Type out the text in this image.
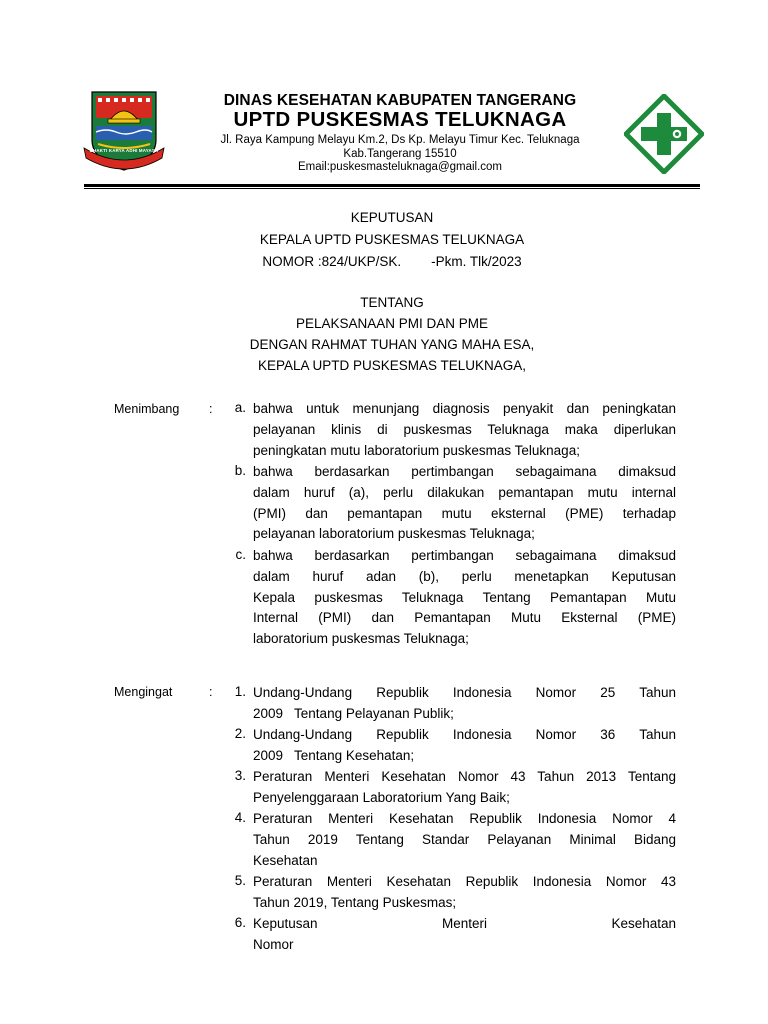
BHAKTI KARYA ADHI MAYASA
DINAS KESEHATAN KABUPATEN TANGERANG
UPTD PUSKESMAS TELUKNAGA
Jl. Raya Kampung Melayu Km.2, Ds Kp. Melayu Timur Kec. Teluknaga
Kab.Tangerang 15510
Email:puskesmasteluknaga@gmail.com
KEPUTUSAN
KEPALA UPTD PUSKESMAS TELUKNAGA
NOMOR :824/UKP/SK.        -Pkm. Tlk/2023
TENTANG
PELAKSANAAN PMI DAN PME
DENGAN RAHMAT TUHAN YANG MAHA ESA,
KEPALA UPTD PUSKESMAS TELUKNAGA,
Menimbang :	a. bahwa untuk menunjang diagnosis penyakit dan peningkatan
pelayanan klinis di puskesmas Teluknaga maka diperlukan
peningkatan mutu laboratorium puskesmas Teluknaga;
b. bahwa berdasarkan pertimbangan sebagaimana dimaksud
dalam huruf (a), perlu dilakukan pemantapan mutu internal
(PMI) dan pemantapan mutu eksternal (PME) terhadap
pelayanan laboratorium puskesmas Teluknaga;
c. bahwa berdasarkan pertimbangan sebagaimana dimaksud
dalam huruf adan (b), perlu menetapkan Keputusan
Kepala puskesmas Teluknaga Tentang Pemantapan Mutu
Internal (PMI) dan Pemantapan Mutu Eksternal (PME)
laboratorium puskesmas Teluknaga;
Mengingat	:	1. Undang-Undang Republik Indonesia Nomor 25 Tahun
2009   Tentang Pelayanan Publik;
2. Undang-Undang Republik Indonesia Nomor 36 Tahun
2009   Tentang Kesehatan;
3. Peraturan Menteri Kesehatan Nomor 43 Tahun 2013 Tentang
Penyelenggaraan Laboratorium Yang Baik;
4. Peraturan Menteri Kesehatan Republik Indonesia Nomor 4
Tahun 2019 Tentang Standar Pelayanan Minimal Bidang
Kesehatan
5. Peraturan Menteri Kesehatan Republik Indonesia Nomor 43
Tahun 2019, Tentang Puskesmas;
6. Keputusan Menteri Kesehatan Nomor
